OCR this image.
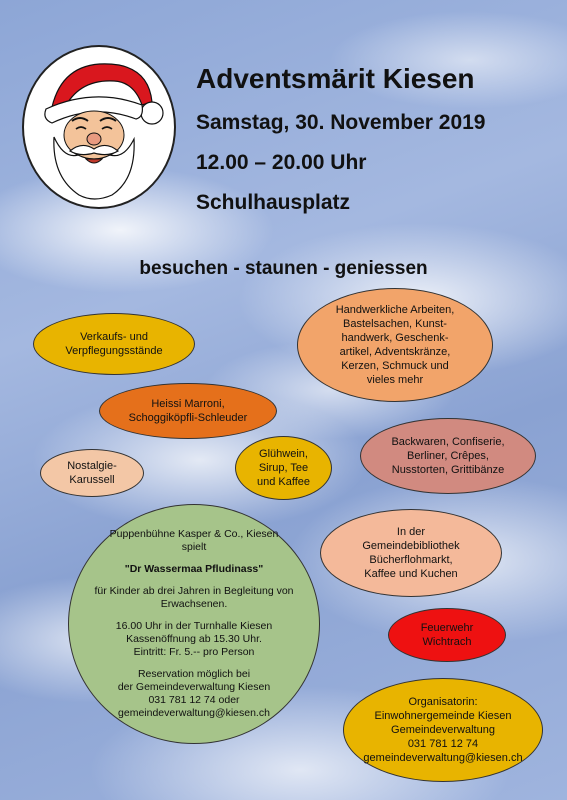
Adventsmärit Kiesen
Samstag, 30. November 2019
12.00 – 20.00 Uhr
Schulhausplatz
besuchen - staunen - geniessen
Verkaufs- und
Verpflegungsstände
Handwerkliche Arbeiten,
Bastelsachen, Kunst-
handwerk, Geschenk-
artikel, Adventskränze,
Kerzen, Schmuck und
vieles mehr
Heissi Marroni,
Schoggiköpfli-Schleuder
Glühwein,
Sirup, Tee
und Kaffee
Backwaren, Confiserie,
Berliner, Crêpes,
Nusstorten, Grittibänze
Nostalgie-
Karussell
Puppenbühne Kasper & Co., Kiesen
spielt
"Dr Wassermaa Pfludinass"
für Kinder ab drei Jahren in Begleitung von
Erwachsenen.
16.00 Uhr in der Turnhalle Kiesen
Kassenöffnung ab 15.30 Uhr.
Eintritt: Fr. 5.-- pro Person
Reservation möglich bei
der Gemeindeverwaltung Kiesen
031 781 12 74 oder
gemeindeverwaltung@kiesen.ch
In der
Gemeindebibliothek
Bücherflohmarkt,
Kaffee und Kuchen
Feuerwehr
Wichtrach
Organisatorin:
Einwohnergemeinde Kiesen
Gemeindeverwaltung
031 781 12 74
gemeindeverwaltung@kiesen.ch
